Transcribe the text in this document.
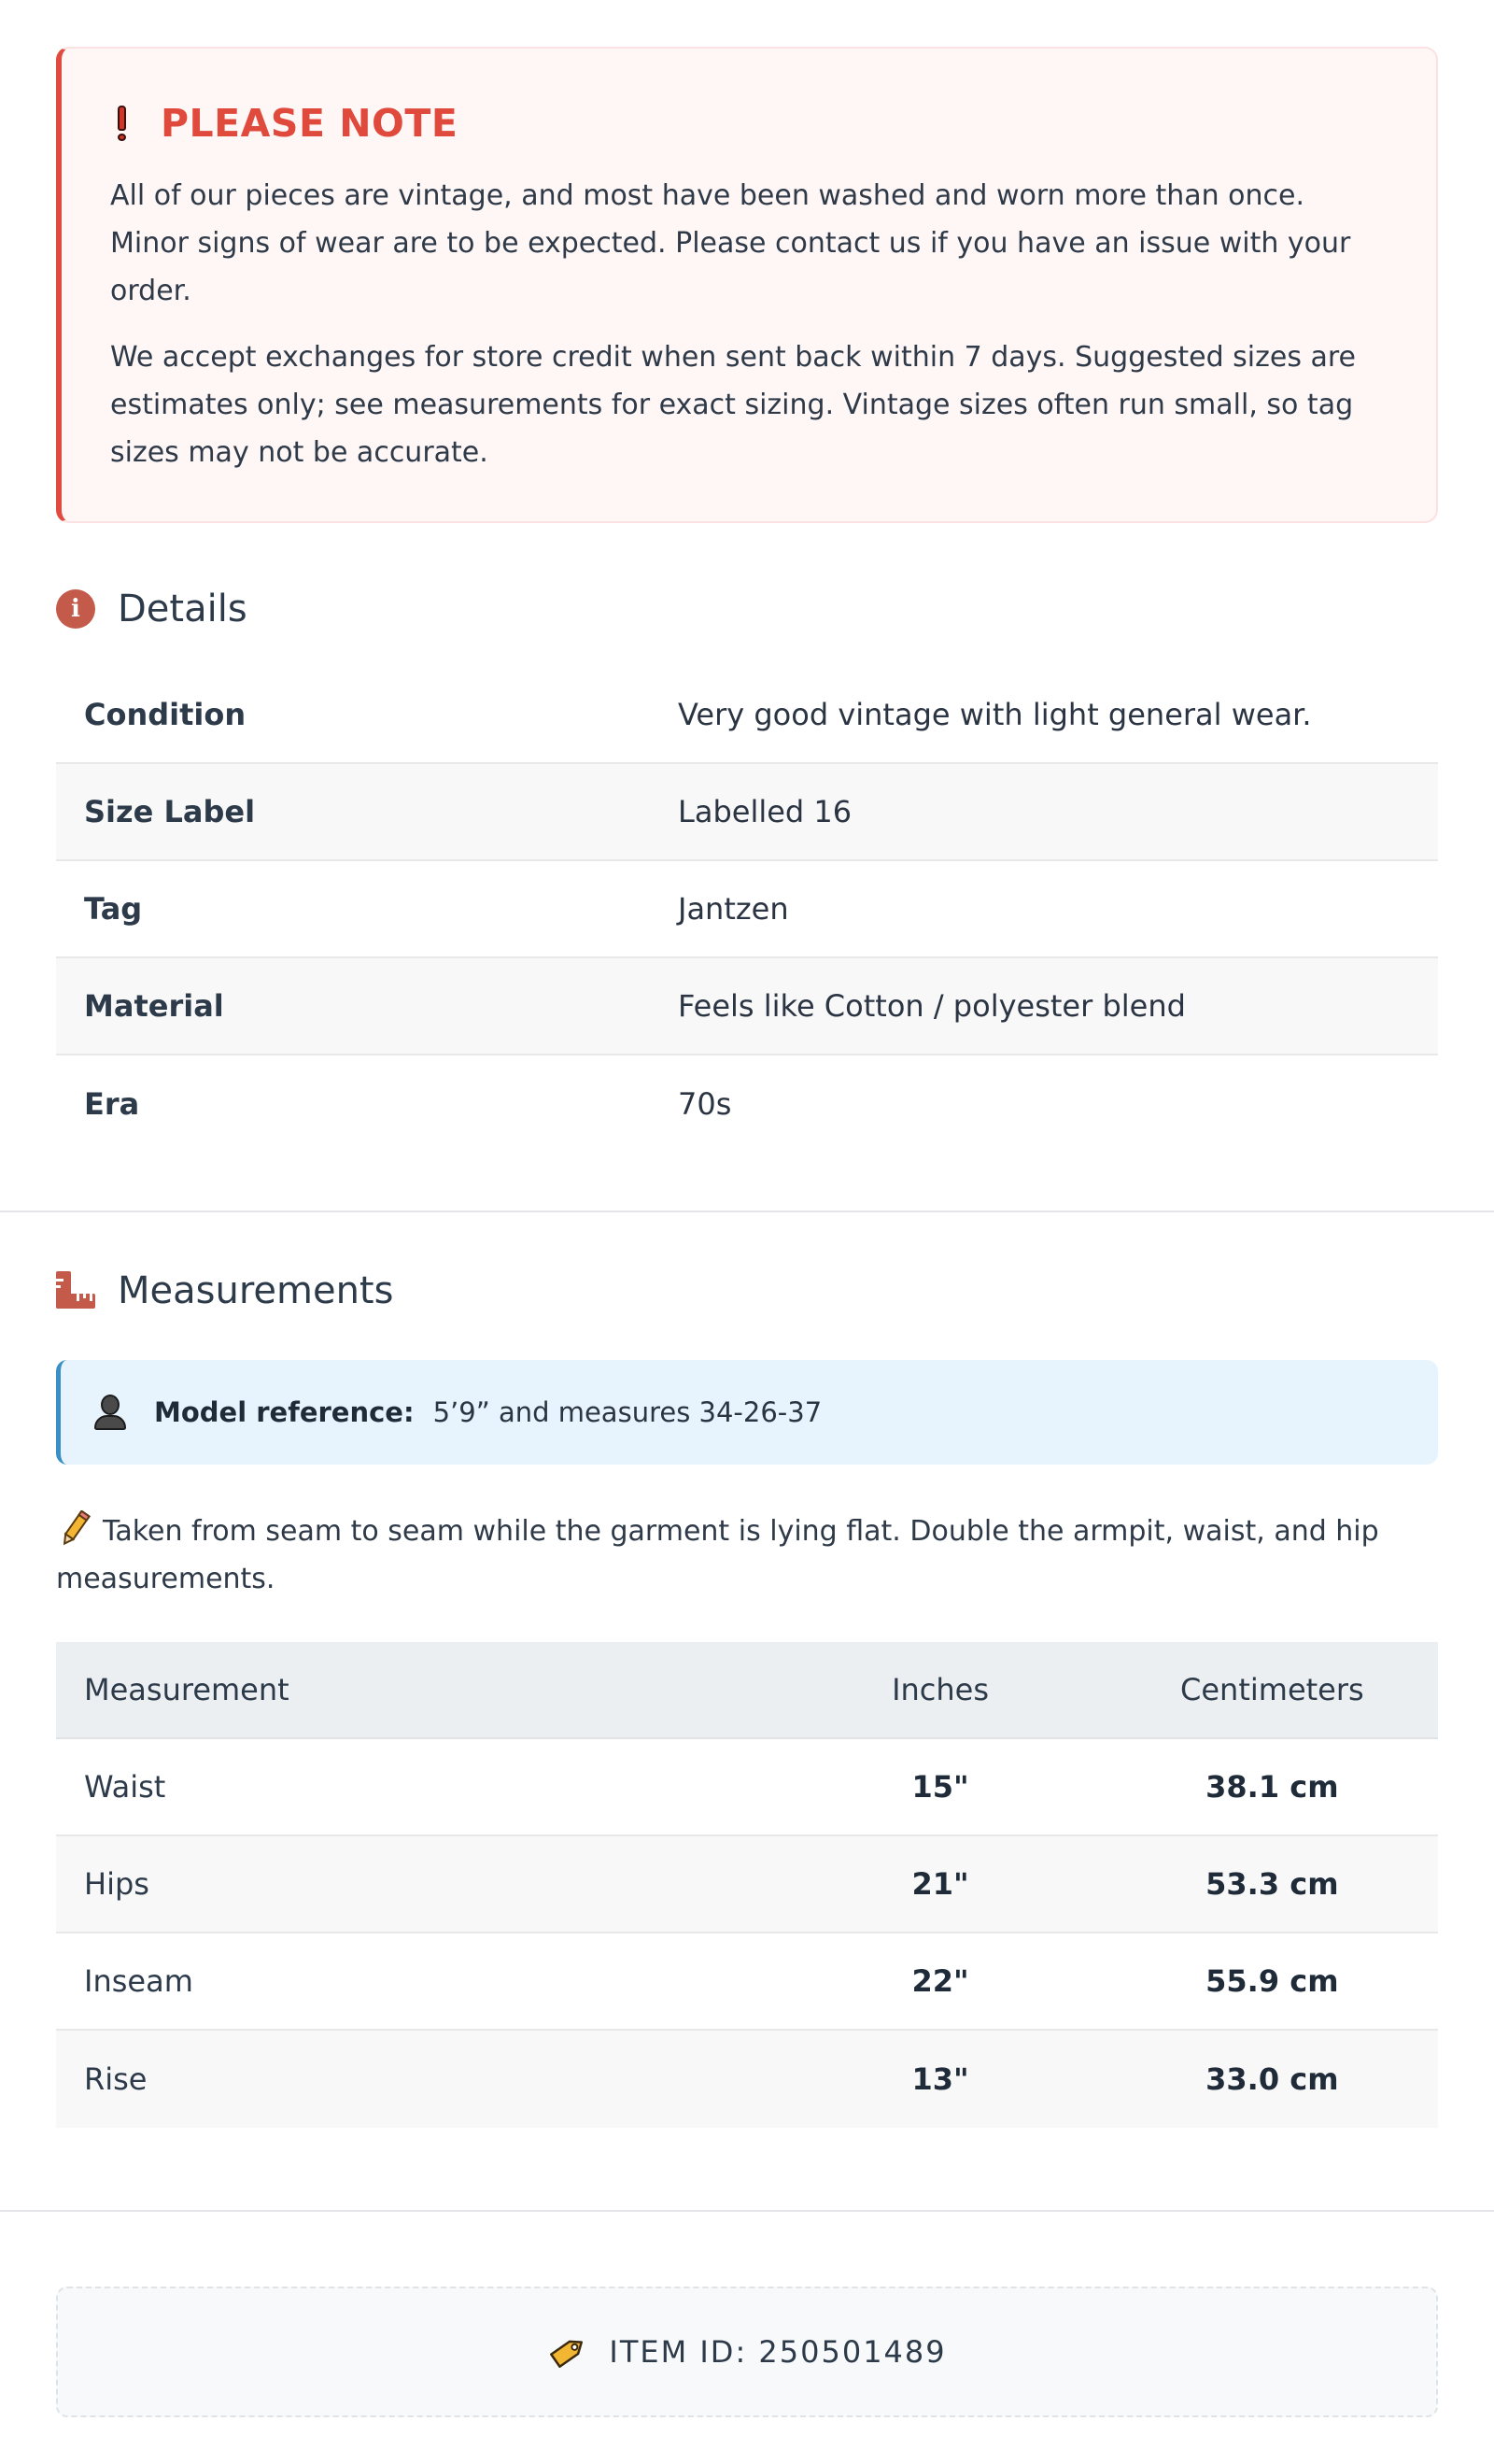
PLEASE NOTE

All of our pieces are vintage, and most have been washed and worn more than once. Minor signs of wear are to be expected. Please contact us if you have an issue with your order.

We accept exchanges for store credit when sent back within 7 days. Suggested sizes are estimates only; see measurements for exact sizing. Vintage sizes often run small, so tag sizes may not be accurate.

i	Details
Condition	Very good vintage with light general wear.
Size Label	Labelled 16
Tag	Jantzen
Material	Feels like Cotton / polyester blend
Era	70s
Measurements
Model reference: 5’9” and measures 34-26-37
Taken from seam to seam while the garment is lying flat. Double the armpit, waist, and hip measurements.
Measurement	Inches	Centimeters
Waist	15"	38.1 cm
Hips	21"	53.3 cm
Inseam	22"	55.9 cm
Rise	13"	33.0 cm
ITEM ID: 250501489
